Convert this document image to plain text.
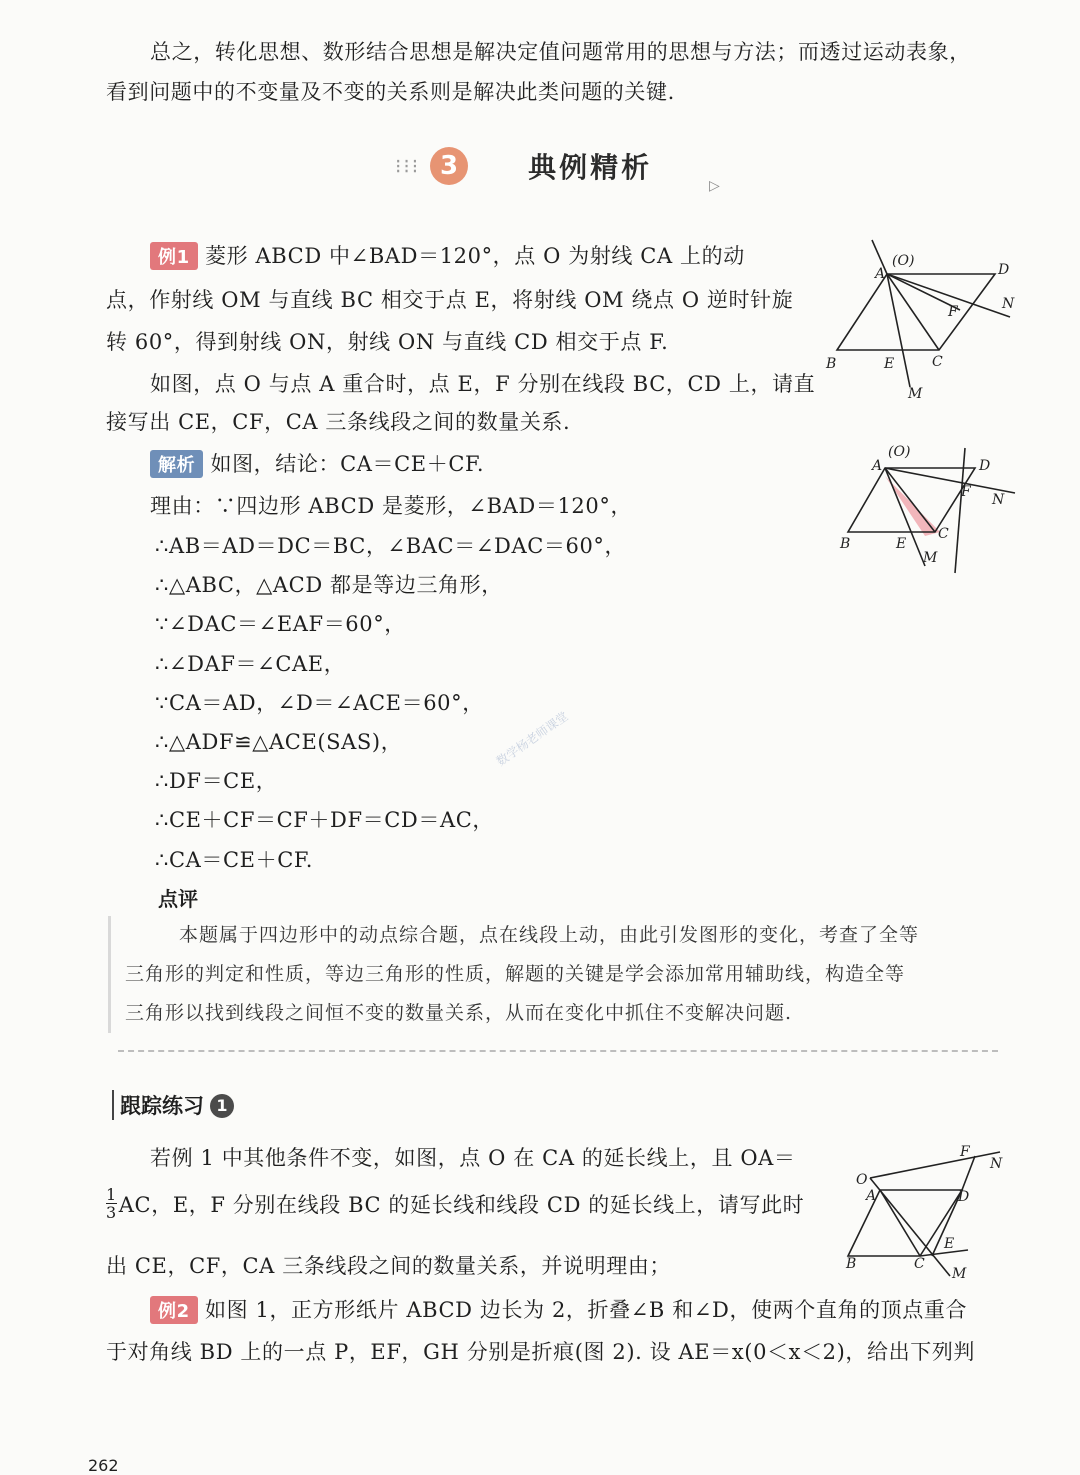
总之，转化思想、数形结合思想是解决定值问题常用的思想与方法；而透过运动表象，
看到问题中的不变量及不变的关系则是解决此类问题的关键.
⁝⁝⁝ 3	典例精析
▷
例1 菱形 ABCD 中∠BAD＝120°，点 O 为射线 CA 上的动
点，作射线 OM 与直线 BC 相交于点 E，将射线 OM 绕点 O 逆时针旋
转 60°，得到射线 ON，射线 ON 与直线 CD 相交于点 F.
如图，点 O 与点 A 重合时，点 E，F 分别在线段 BC，CD 上，请直
接写出 CE，CF，CA 三条线段之间的数量关系.
A
(O)
D
N
F
B	E	C
M
解析 如图，结论：CA＝CE＋CF.
理由：∵四边形 ABCD 是菱形，∠BAD＝120°，
∴AB＝AD＝DC＝BC，∠BAC＝∠DAC＝60°，
∴△ABC，△ACD 都是等边三角形，
∵∠DAC＝∠EAF＝60°，
∴∠DAF＝∠CAE，
∵CA＝AD，∠D＝∠ACE＝60°，
∴△ADF≌△ACE(SAS)，
∴DF＝CE，
∴CE＋CF＝CF＋DF＝CD＝AC，
∴CA＝CE＋CF.
A
(O)
D
F N
B	E
C
M
数学杨老师课堂
点评
本题属于四边形中的动点综合题，点在线段上动，由此引发图形的变化，考查了全等
三角形的判定和性质，等边三角形的性质，解题的关键是学会添加常用辅助线，构造全等
三角形以找到线段之间恒不变的数量关系，从而在变化中抓住不变解决问题.
跟踪练习 1
若例 1 中其他条件不变，如图，点 O 在 CA 的延长线上，且 OA＝
$\frac{1}{3}$ AC，E，F 分别在线段 BC 的延长线和线段 CD 的延长线上，请写此时
出 CE，CF，CA 三条线段之间的数量关系，并说明理由；
O
A	D
F
N
E
B	C
M
例2 如图 1，正方形纸片 ABCD 边长为 2，折叠∠B 和∠D，使两个直角的顶点重合
于对角线 BD 上的一点 P，EF，GH 分别是折痕(图 2). 设 AE＝x(0＜x＜2)，给出下列判
262
